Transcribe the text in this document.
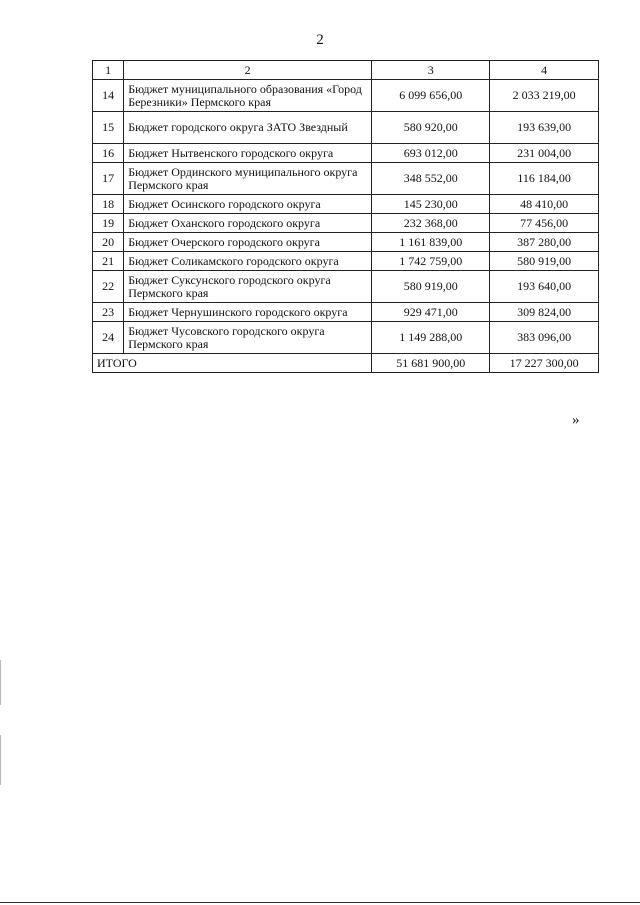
2
1	2	3	4
14	Бюджет муниципального образования «Город Березники» Пермского края	6 099 656,00	2 033 219,00
15	Бюджет городского округа ЗАТО Звездный	580 920,00	193 639,00
16	Бюджет Нытвенского городского округа	693 012,00	231 004,00
17	Бюджет Ординского муниципального округа Пермского края	348 552,00	116 184,00
18	Бюджет Осинского городского округа	145 230,00	48 410,00
19	Бюджет Оханского городского округа	232 368,00	77 456,00
20	Бюджет Очерского городского округа	1 161 839,00	387 280,00
21	Бюджет Соликамского городского округа	1 742 759,00	580 919,00
22	Бюджет Суксунского городского округа Пермского края	580 919,00	193 640,00
23	Бюджет Чернушинского городского округа	929 471,00	309 824,00
24	Бюджет Чусовского городского округа Пермского края	1 149 288,00	383 096,00
ИТОГО		51 681 900,00	17 227 300,00
»
